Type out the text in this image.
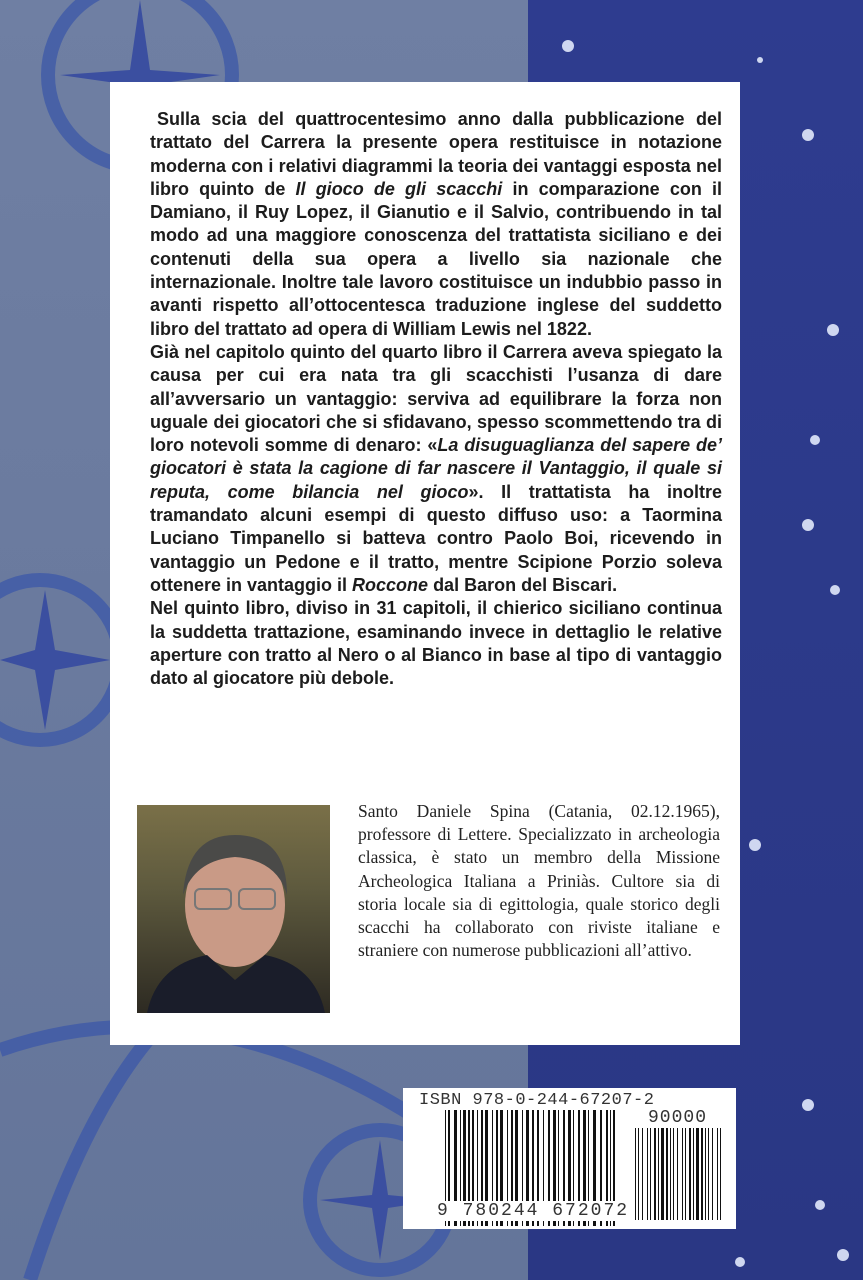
Sulla scia del quattrocentesimo anno dalla pubblicazione del trattato del Carrera la presente opera restituisce in notazione moderna con i relativi diagrammi la teoria dei vantaggi esposta nel libro quinto de Il gioco de gli scacchi in comparazione con il Damiano, il Ruy Lopez, il Gianutio e il Salvio, contribuendo in tal modo ad una maggiore conoscenza del trattatista siciliano e dei contenuti della sua opera a livello sia nazionale che internazionale. Inoltre tale lavoro costituisce un indubbio passo in avanti rispetto all’ottocentesca traduzione inglese del suddetto libro del trattato ad opera di William Lewis nel 1822.

Già nel capitolo quinto del quarto libro il Carrera aveva spiegato la causa per cui era nata tra gli scacchisti l’usanza di dare all’avversario un vantaggio: serviva ad equilibrare la forza non uguale dei giocatori che si sfidavano, spesso scommettendo tra di loro notevoli somme di denaro: «La disuguaglianza del sapere de’ giocatori è stata la cagione di far nascere il Vantaggio, il quale si reputa, come bilancia nel gioco». Il trattatista ha inoltre tramandato alcuni esempi di questo diffuso uso: a Taormina Luciano Timpanello si batteva contro Paolo Boi, ricevendo in vantaggio un Pedone e il tratto, mentre Scipione Porzio soleva ottenere in vantaggio il Roccone dal Baron del Biscari.

Nel quinto libro, diviso in 31 capitoli, il chierico siciliano continua la suddetta trattazione, esaminando invece in dettaglio le relative aperture con tratto al Nero o al Bianco in base al tipo di vantaggio dato al giocatore più debole.

Santo Daniele Spina (Catania, 02.12.1965), professore di Lettere. Specializzato in archeologia classica, è stato un membro della Missione Archeologica Italiana a Priniàs. Cultore sia di storia locale sia di egittologia, quale storico degli scacchi ha collaborato con riviste italiane e straniere con numerose pubblicazioni all’attivo.
ISBN 978-0-244-67207-2
90000
9 780244 672072
